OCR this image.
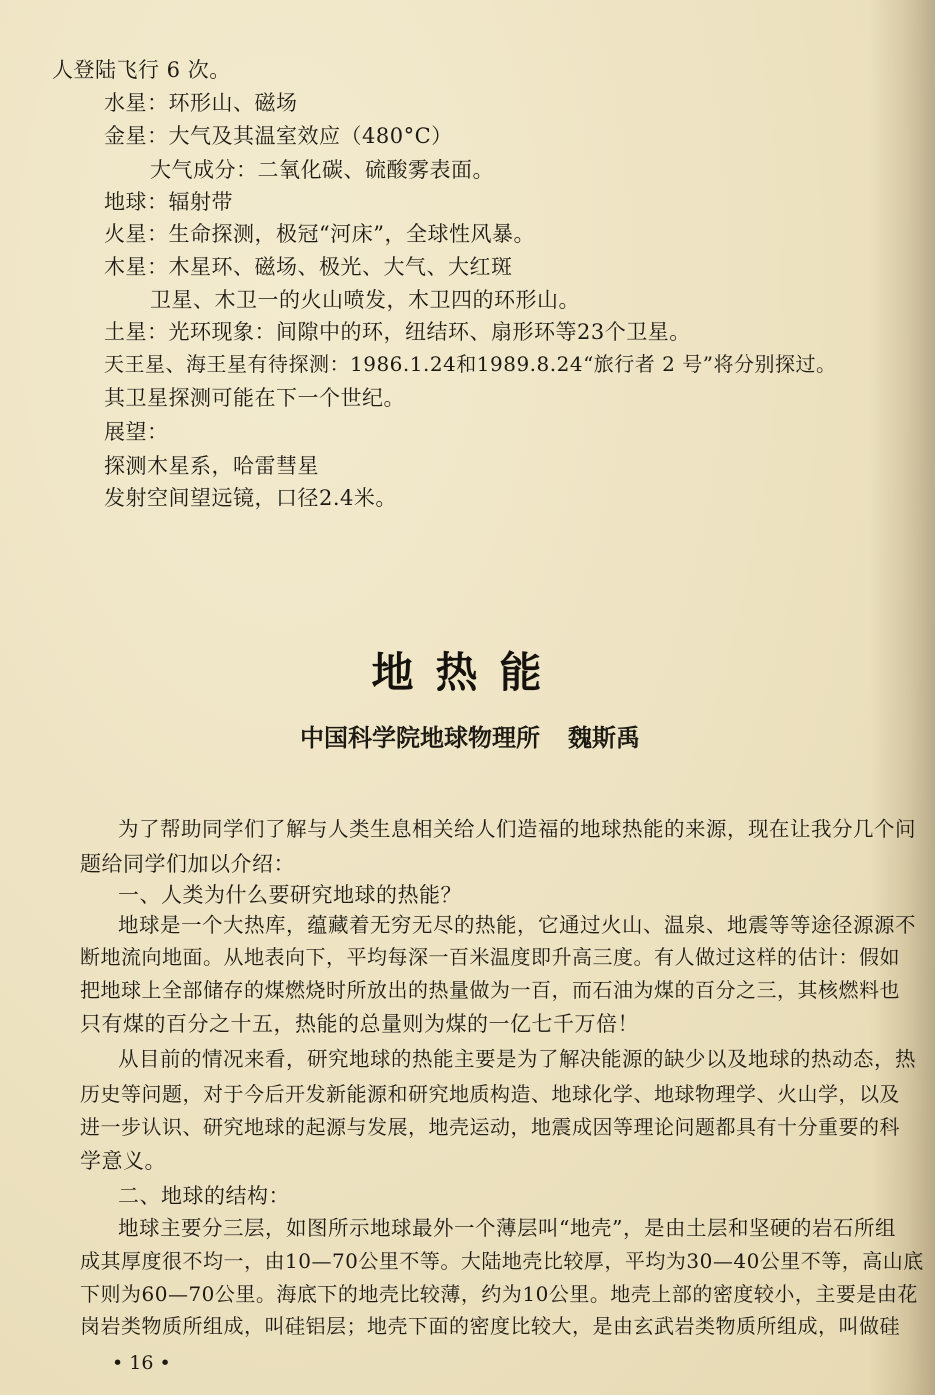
人登陆飞行 6 次。
水星：环形山、磁场
金星：大气及其温室效应（480°C）
大气成分：二氧化碳、硫酸雾表面。
地球：辐射带
火星：生命探测，极冠“河床”，全球性风暴。
木星：木星环、磁场、极光、大气、大红斑
卫星、木卫一的火山喷发，木卫四的环形山。
土星：光环现象：间隙中的环，纽结环、扇形环等23个卫星。
天王星、海王星有待探测：1986.1.24和1989.8.24“旅行者 2 号”将分别探过。
其卫星探测可能在下一个世纪。
展望：
探测木星系，哈雷彗星
发射空间望远镜，口径2.4米。
地热能
中国科学院地球物理所 魏斯禹
为了帮助同学们了解与人类生息相关给人们造福的地球热能的来源，现在让我分几个问
题给同学们加以介绍：
一、人类为什么要研究地球的热能？
地球是一个大热库，蕴藏着无穷无尽的热能，它通过火山、温泉、地震等等途径源源不
断地流向地面。从地表向下，平均每深一百米温度即升高三度。有人做过这样的估计：假如
把地球上全部储存的煤燃烧时所放出的热量做为一百，而石油为煤的百分之三，其核燃料也
只有煤的百分之十五，热能的总量则为煤的一亿七千万倍！
从目前的情况来看，研究地球的热能主要是为了解决能源的缺少以及地球的热动态，热
历史等问题，对于今后开发新能源和研究地质构造、地球化学、地球物理学、火山学，以及
进一步认识、研究地球的起源与发展，地壳运动，地震成因等理论问题都具有十分重要的科
学意义。
二、地球的结构：
地球主要分三层，如图所示地球最外一个薄层叫“地壳”，是由土层和坚硬的岩石所组
成其厚度很不均一，由10—70公里不等。大陆地壳比较厚，平均为30—40公里不等，高山底
下则为60—70公里。海底下的地壳比较薄，约为10公里。地壳上部的密度较小，主要是由花
岗岩类物质所组成，叫硅铝层；地壳下面的密度比较大，是由玄武岩类物质所组成，叫做硅
• 16 •
